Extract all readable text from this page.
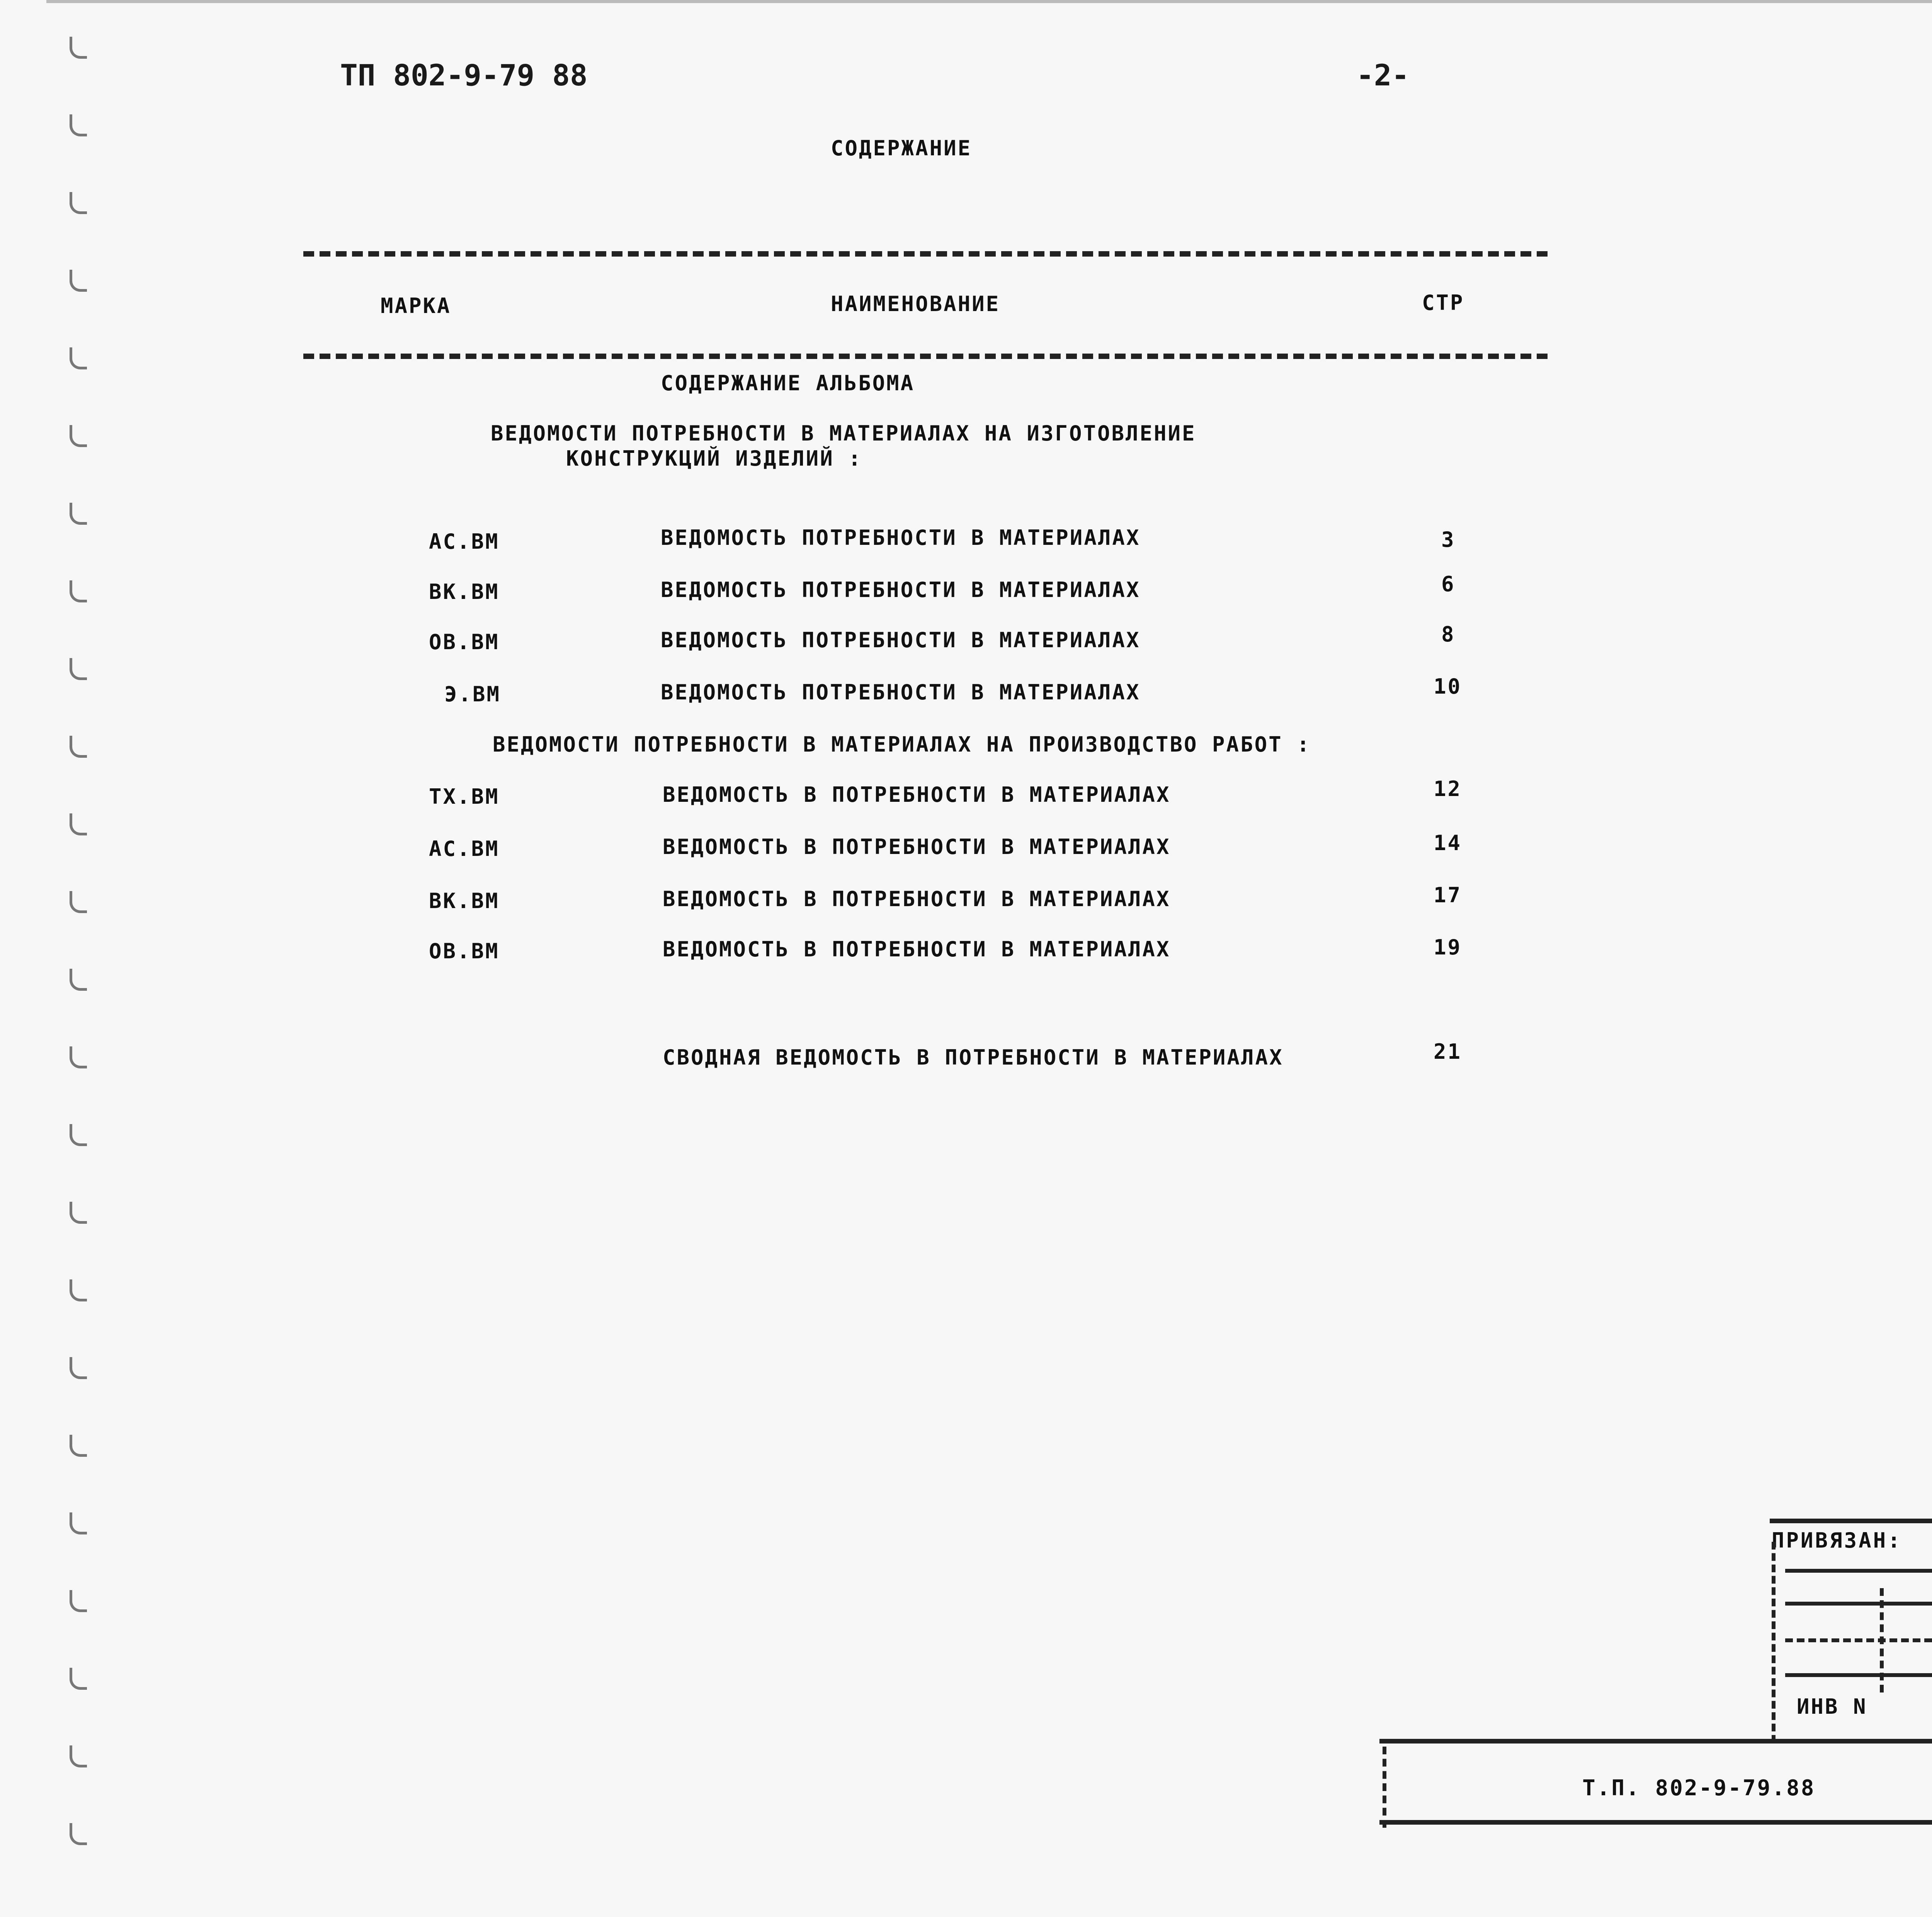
ТП 802-9-79 88	-2-
СОДЕРЖАНИЕ
МАРКА	НАИМЕНОВАНИЕ	СТР
СОДЕРЖАНИЕ АЛЬБОМА
ВЕДОМОСТИ ПОТРЕБНОСТИ В МАТЕРИАЛАХ НА ИЗГОТОВЛЕНИЕ
КОНСТРУКЦИЙ ИЗДЕЛИЙ :
АС.ВМ	ВЕДОМОСТЬ ПОТРЕБНОСТИ В МАТЕРИАЛАХ	3
ВК.ВМ	ВЕДОМОСТЬ ПОТРЕБНОСТИ В МАТЕРИАЛАХ	6
ОВ.ВМ	ВЕДОМОСТЬ ПОТРЕБНОСТИ В МАТЕРИАЛАХ	8
Э.ВМ	ВЕДОМОСТЬ ПОТРЕБНОСТИ В МАТЕРИАЛАХ	10
ВЕДОМОСТИ ПОТРЕБНОСТИ В МАТЕРИАЛАХ НА ПРОИЗВОДСТВО РАБОТ :
ТХ.ВМ	ВЕДОМОСТЬ В ПОТРЕБНОСТИ В МАТЕРИАЛАХ	12
АС.ВМ	ВЕДОМОСТЬ В ПОТРЕБНОСТИ В МАТЕРИАЛАХ	14
ВК.ВМ	ВЕДОМОСТЬ В ПОТРЕБНОСТИ В МАТЕРИАЛАХ	17
ОВ.ВМ	ВЕДОМОСТЬ В ПОТРЕБНОСТИ В МАТЕРИАЛАХ	19
СВОДНАЯ ВЕДОМОСТЬ В ПОТРЕБНОСТИ В МАТЕРИАЛАХ	21
ПРИВЯЗАН:
ИНВ N
Т.П. 802-9-79.88
